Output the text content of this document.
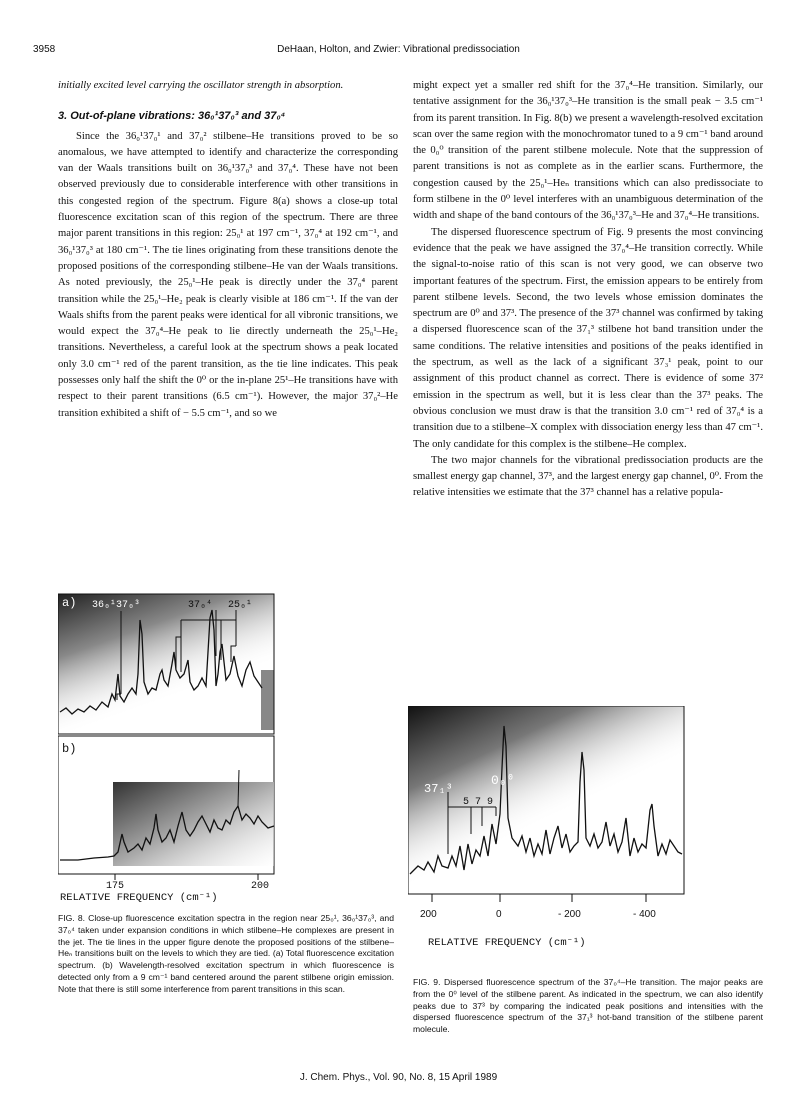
3958	DeHaan, Holton, and Zwier: Vibrational predissociation

initially excited level carrying the oscillator strength in absorption.

3. Out-of-plane vibrations: 36₀¹37₀³ and 37₀⁴

Since the 36₀¹37₀¹ and 37₀² stilbene–He transitions proved to be so anomalous, we have attempted to identify and characterize the corresponding van der Waals transitions built on 36₀¹37₀³ and 37₀⁴. These have not been observed previously due to considerable interference with other transitions in this congested region of the spectrum. Figure 8(a) shows a close-up total fluorescence excitation scan of this region of the spectrum. There are three major parent transitions in this region: 25₀¹ at 197 cm⁻¹, 37₀⁴ at 192 cm⁻¹, and 36₀¹37₀³ at 180 cm⁻¹. The tie lines originating from these transitions denote the proposed positions of the corresponding stilbene–He van der Waals transitions. As noted previously, the 25₀¹–He peak is directly under the 37₀⁴ parent transition while the 25₀¹–He₂ peak is clearly visible at 186 cm⁻¹. If the van der Waals shifts from the parent peaks were identical for all vibronic transitions, we would expect the 37₀⁴–He peak to lie directly underneath the 25₀¹–He₂ transitions. Nevertheless, a careful look at the spectrum shows a peak located only 3.0 cm⁻¹ red of the parent transition, as the tie line indicates. This peak possesses only half the shift the 0⁰ or the in-plane 25¹–He transitions have with respect to their parent transitions (6.5 cm⁻¹). However, the major 37₀²–He transition exhibited a shift of − 5.5 cm⁻¹, and so we

might expect yet a smaller red shift for the 37₀⁴–He transition. Similarly, our tentative assignment for the 36₀¹37₀³–He transition is the small peak − 3.5 cm⁻¹ from its parent transition. In Fig. 8(b) we present a wavelength-resolved excitation scan over the same region with the monochromator tuned to a 9 cm⁻¹ band around the 0₀⁰ transition of the parent stilbene molecule. Note that the suppression of parent transitions is not as complete as in the earlier scans. Furthermore, the congestion caused by the 25₀¹–Heₙ transitions which can also predissociate to form stilbene in the 0⁰ level interferes with an unambiguous determination of the width and shape of the band contours of the 36₀¹37₀³–He and 37₀⁴–He transitions.

The dispersed fluorescence spectrum of Fig. 9 presents the most convincing evidence that the peak we have assigned the 37₀⁴–He transition correctly. While the signal-to-noise ratio of this scan is not very good, we can observe two important features of the spectrum. First, the emission appears to be entirely from parent stilbene levels. Second, the two levels whose emission dominates the spectrum are 0⁰ and 37³. The presence of the 37³ channel was confirmed by taking a dispersed fluorescence scan of the 37₁³ stilbene hot band transition under the same conditions. The relative intensities and positions of the peaks identified in the spectrum, as well as the lack of a significant 37₃¹ peak, point to our assignment of this product channel as correct. There is evidence of some 37² emission in the spectrum as well, but it is less clear than the 37³ peaks. The obvious conclusion we must draw is that the transition 3.0 cm⁻¹ red of 37₀⁴ is a transition due to a stilbene–X complex with dissociation energy less than 47 cm⁻¹. The only candidate for this complex is the stilbene–He complex.

The two major channels for the vibrational predissociation products are the smallest energy gap channel, 37³, and the largest energy gap channel, 0⁰. From the relative intensities we estimate that the 37³ channel has a relative popula-

a) 36₀¹37₀³	37₀⁴ 25₀¹
b)
175	200
RELATIVE FREQUENCY (cm⁻¹)
FIG. 8. Close-up fluorescence excitation spectra in the region near 25₀¹, 36₀¹37₀³, and 37₀⁴ taken under expansion conditions in which stilbene–He complexes are present in the jet. The tie lines in the upper figure denote the proposed positions of the stilbene–Heₙ transitions built on the levels to which they are tied. (a) Total fluorescence excitation spectrum. (b) Wavelength-resolved excitation spectrum in which fluorescence is detected only from a 9 cm⁻¹ band centered around the parent stilbene origin emission. Note that there is still some interference from parent transitions in this scan.
0₀⁰
37₁³
5 7 9
200	0	- 200	- 400
RELATIVE FREQUENCY (cm⁻¹)
FIG. 9. Dispersed fluorescence spectrum of the 37₀⁴–He transition. The major peaks are from the 0⁰ level of the stilbene parent. As indicated in the spectrum, we can also identify peaks due to 37³ by comparing the indicated peak positions and intensities with the dispersed fluorescence spectrum of the 37₁³ hot-band transition of the stilbene parent molecule.
J. Chem. Phys., Vol. 90, No. 8, 15 April 1989
